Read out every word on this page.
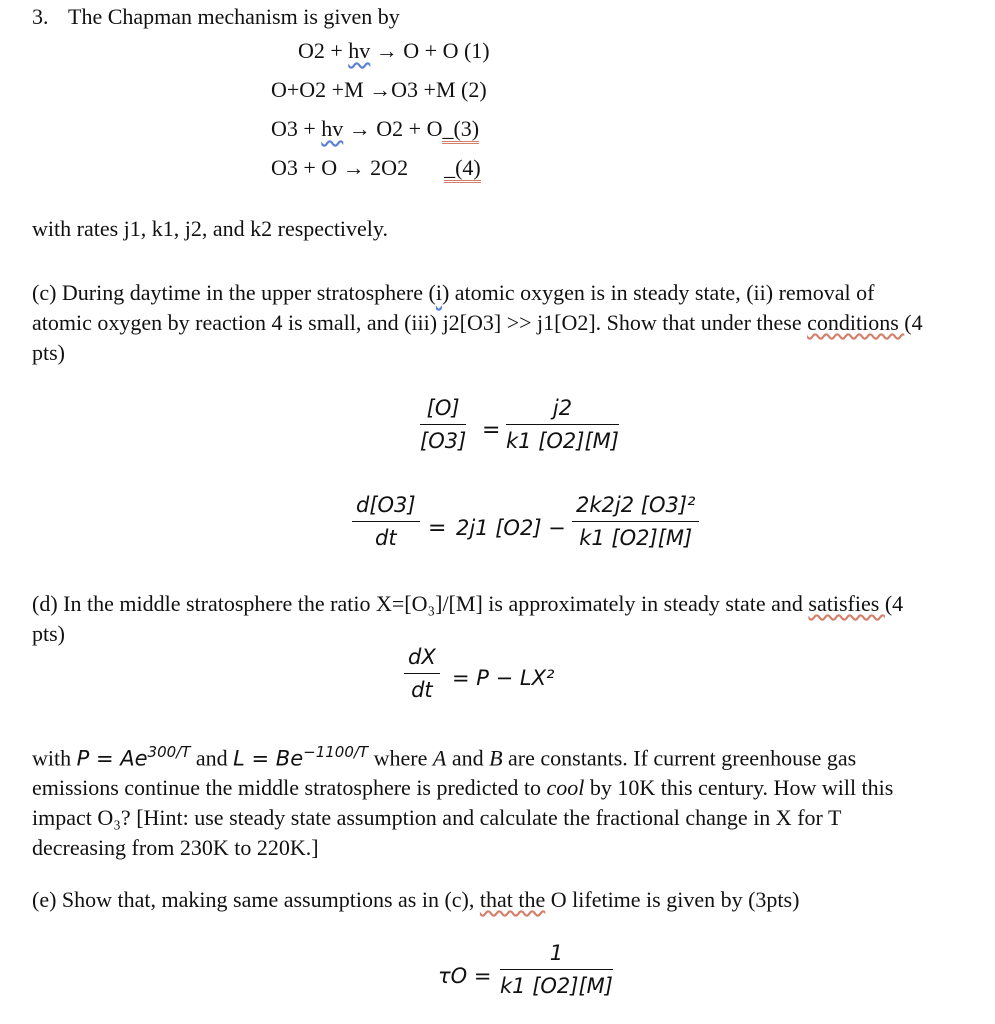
3. The Chapman mechanism is given by
O2 + hv → O + O (1)
O+O2 +M →O3 +M (2)
O3 + hv → O2 + O_(3)
O3 + O → 2O2 _(4)
with rates j1, k1, j2, and k2 respectively.
(c) During daytime in the upper stratosphere (i) atomic oxygen is in steady state, (ii) removal of atomic oxygen by reaction 4 is small, and (iii) j2[O3] >> j1[O2]. Show that under these conditions (4 pts)
$\frac{[O]}{[O3]} = \frac{j2}{k1 [O2][M]}$
$\frac{d[O3]}{dt} = 2j1$ $[O2] - \frac{\text{2k2j2 [O3]²}}{k1 [O2][M]}$
(d) In the middle stratosphere the ratio X=[O₃]/[M] is approximately in steady state and satisfies (4 pts)
$\frac{dX}{dt} = P - LX^2$
with $P = Ae^{300/T}$ and $L = Be^{-1100/T}$ where A and B are constants. If current greenhouse gas emissions continue the middle stratosphere is predicted to cool by 10K this century. How will this impact O₃? [Hint: use steady state assumption and calculate the fractional change in X for T decreasing from 230K to 220K.]
(e) Show that, making same assumptions as in (c), that the O lifetime is given by (3pts)
$\tau O = \frac{1}{k1 [O2][M]}$
